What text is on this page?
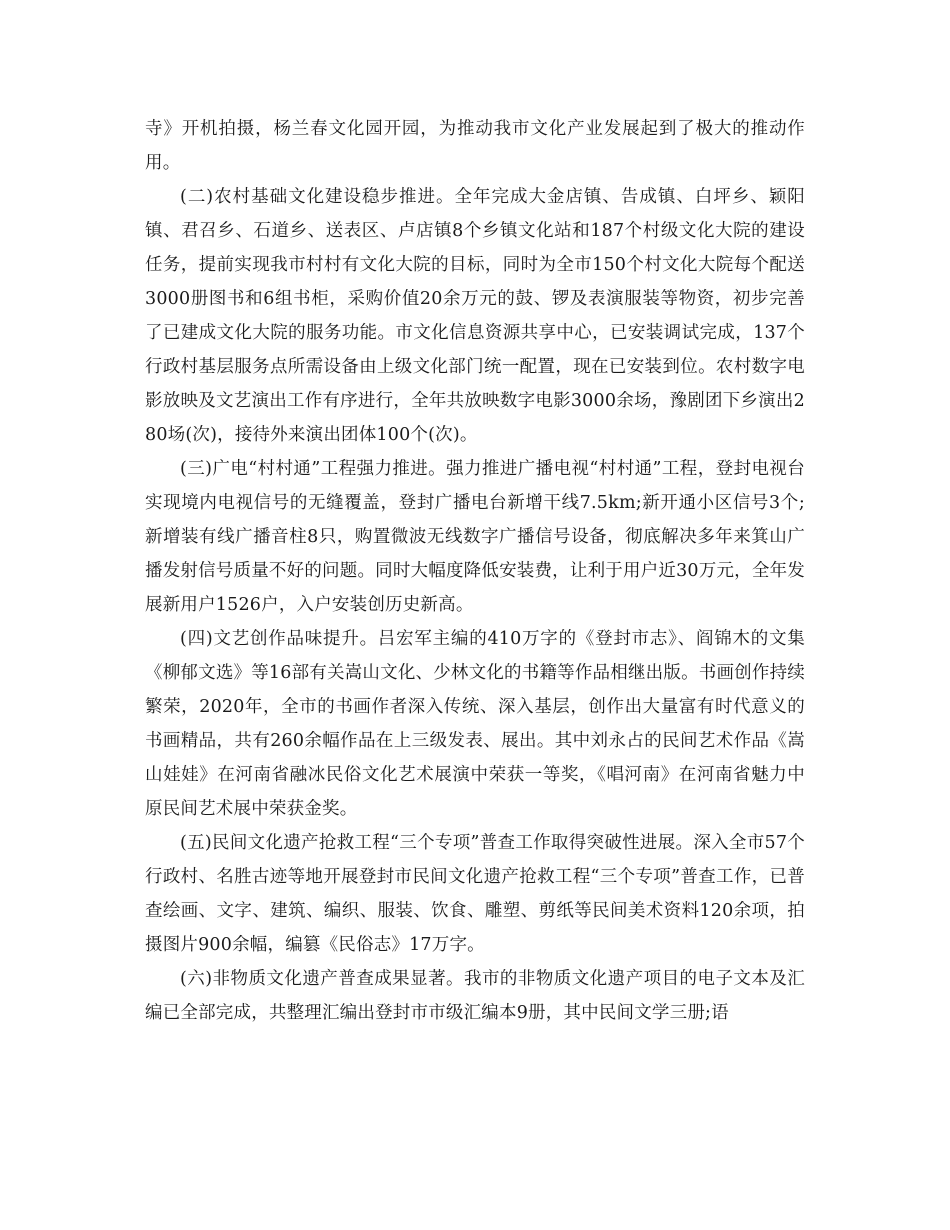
寺》开机拍摄，杨兰春文化园开园，为推动我市文化产业发展起到了极大的推动作用。

(二)农村基础文化建设稳步推进。全年完成大金店镇、告成镇、白坪乡、颖阳镇、君召乡、石道乡、送表区、卢店镇8个乡镇文化站和187个村级文化大院的建设任务，提前实现我市村村有文化大院的目标，同时为全市150个村文化大院每个配送3000册图书和6组书柜，采购价值20余万元的鼓、锣及表演服装等物资，初步完善了已建成文化大院的服务功能。市文化信息资源共享中心，已安装调试完成，137个行政村基层服务点所需设备由上级文化部门统一配置，现在已安装到位。农村数字电影放映及文艺演出工作有序进行，全年共放映数字电影3000余场，豫剧团下乡演出280场(次)，接待外来演出团体100个(次)。

(三)广电“村村通”工程强力推进。强力推进广播电视“村村通”工程，登封电视台实现境内电视信号的无缝覆盖，登封广播电台新增干线7.5km;新开通小区信号3个;新增装有线广播音柱8只，购置微波无线数字广播信号设备，彻底解决多年来箕山广播发射信号质量不好的问题。同时大幅度降低安装费，让利于用户近30万元，全年发展新用户1526户，入户安装创历史新高。

(四)文艺创作品味提升。吕宏军主编的410万字的《登封市志》、阎锦木的文集《柳郁文选》等16部有关嵩山文化、少林文化的书籍等作品相继出版。书画创作持续繁荣，2020年，全市的书画作者深入传统、深入基层，创作出大量富有时代意义的书画精品，共有260余幅作品在上三级发表、展出。其中刘永占的民间艺术作品《嵩山娃娃》在河南省融冰民俗文化艺术展演中荣获一等奖，《唱河南》在河南省魅力中原民间艺术展中荣获金奖。

(五)民间文化遗产抢救工程“三个专项”普查工作取得突破性进展。深入全市57个行政村、名胜古迹等地开展登封市民间文化遗产抢救工程“三个专项”普查工作，已普查绘画、文字、建筑、编织、服装、饮食、雕塑、剪纸等民间美术资料120余项，拍摄图片900余幅，编篡《民俗志》17万字。

(六)非物质文化遗产普查成果显著。我市的非物质文化遗产项目的电子文本及汇编已全部完成，共整理汇编出登封市市级汇编本9册，其中民间文学三册;语
